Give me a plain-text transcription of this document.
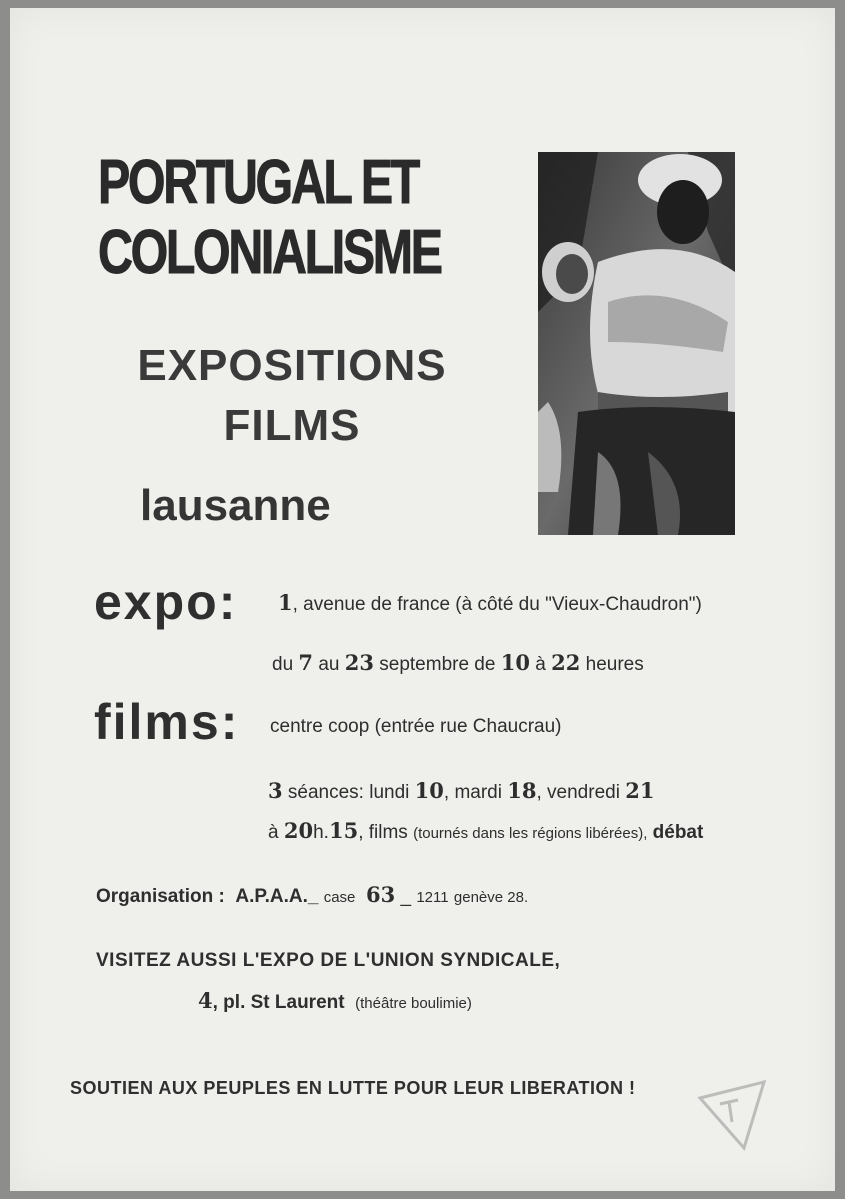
PORTUGAL ET
COLONIALISME
EXPOSITIONS
FILMS
lausanne
expo: 1, avenue de france (à côté du "Vieux-Chaudron")
du 7 au 23 septembre de 10 à 22 heures
films: centre coop (entrée rue Chaucrau)
3 séances: lundi 10, mardi 18, vendredi 21
à 20h.15, films (tournés dans les régions libérées), débat
Organisation : A.P.A.A._ case 63 _ 1211 genève 28.
VISITEZ AUSSI L'EXPO DE L'UNION SYNDICALE,
4, pl. St Laurent (théâtre boulimie)
SOUTIEN AUX PEUPLES EN LUTTE POUR LEUR LIBERATION !
